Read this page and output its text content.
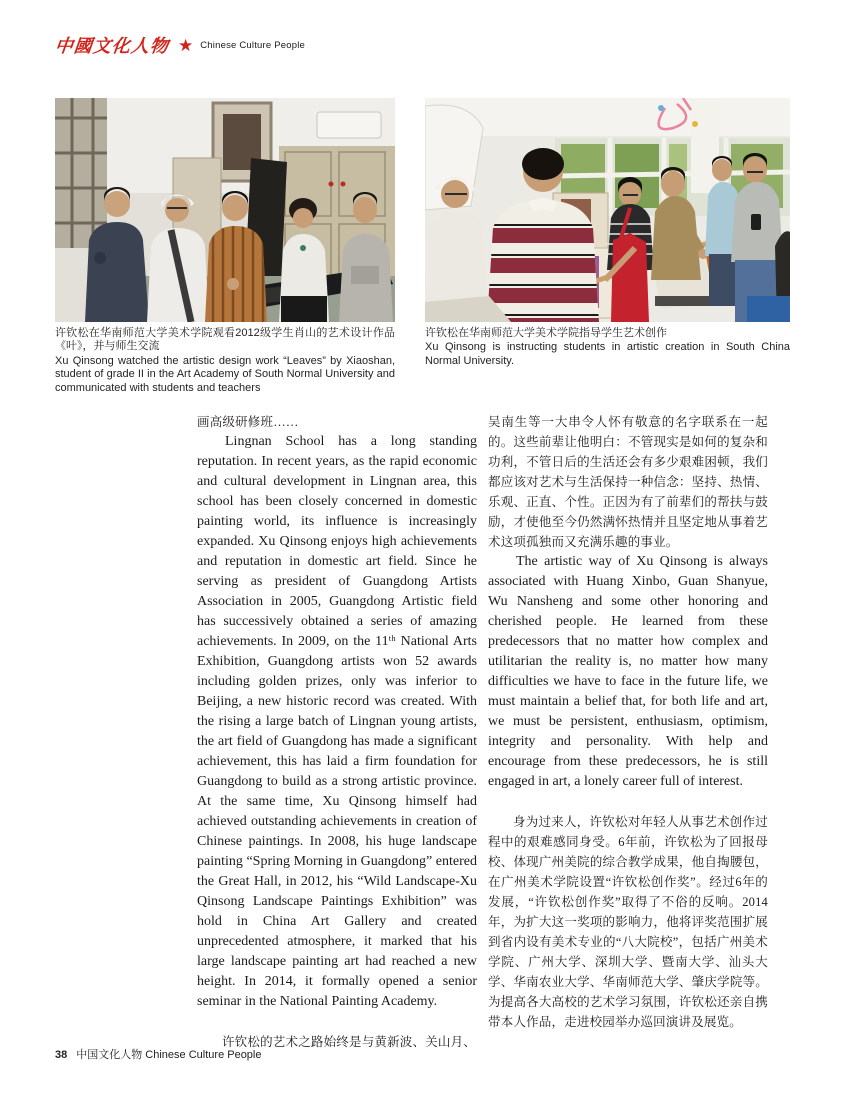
中國文化人物 ★ Chinese Culture People

许钦松在华南师范大学美术学院观看2012级学生肖山的艺术设计作品《叶》，并与师生交流

Xu Qinsong watched the artistic design work “Leaves” by Xiaoshan, student of grade II in the Art Academy of South Normal University and communicated with students and teachers

许钦松在华南师范大学美术学院指导学生艺术创作

Xu Qinsong is instructing students in artistic creation in South China Normal University.

画高级研修班……

Lingnan School has a long standing reputation. In recent years, as the rapid economic and cultural development in Lingnan area, this school has been closely concerned in domestic painting world, its influence is increasingly expanded. Xu Qinsong enjoys high achievements and reputation in domestic art field. Since he serving as president of Guangdong Artists Association in 2005, Guangdong Artistic field has successively obtained a series of amazing achievements. In 2009, on the 11ᵗʰ National Arts Exhibition, Guangdong artists won 52 awards including golden prizes, only was inferior to Beijing, a new historic record was created. With the rising a large batch of Lingnan young artists, the art field of Guangdong has made a significant achievement, this has laid a firm foundation for Guangdong to build as a strong artistic province. At the same time, Xu Qinsong himself had achieved outstanding achievements in creation of Chinese paintings. In 2008, his huge landscape painting “Spring Morning in Guangdong” entered the Great Hall, in 2012, his “Wild Landscape-Xu Qinsong Landscape Paintings Exhibition” was hold in China Art Gallery and created unprecedented atmosphere, it marked that his large landscape painting art had reached a new height. In 2014, it formally opened a senior seminar in the National Painting Academy.

许钦松的艺术之路始终是与黄新波、关山月、

吴南生等一大串令人怀有敬意的名字联系在一起的。这些前辈让他明白：不管现实是如何的复杂和功利，不管日后的生活还会有多少艰难困顿，我们都应该对艺术与生活保持一种信念：坚持、热情、乐观、正直、个性。正因为有了前辈们的帮扶与鼓励，才使他至今仍然满怀热情并且坚定地从事着艺术这项孤独而又充满乐趣的事业。

The artistic way of Xu Qinsong is always associated with Huang Xinbo, Guan Shanyue, Wu Nansheng and some other honoring and cherished people. He learned from these predecessors that no matter how complex and utilitarian the reality is, no matter how many difficulties we have to face in the future life, we must maintain a belief that, for both life and art, we must be persistent, enthusiasm, optimism, integrity and personality. With help and encourage from these predecessors, he is still engaged in art, a lonely career full of interest.

身为过来人，许钦松对年轻人从事艺术创作过程中的艰难感同身受。6年前，许钦松为了回报母校、体现广州美院的综合教学成果，他自掏腰包，在广州美术学院设置“许钦松创作奖”。经过6年的发展，“许钦松创作奖”取得了不俗的反响。2014年，为扩大这一奖项的影响力，他将评奖范围扩展到省内设有美术专业的“八大院校”，包括广州美术学院、广州大学、深圳大学、暨南大学、汕头大学、华南农业大学、华南师范大学、肇庆学院等。为提高各大高校的艺术学习氛围，许钦松还亲自携带本人作品，走进校园举办巡回演讲及展览。

38 中国文化人物 Chinese Culture People
